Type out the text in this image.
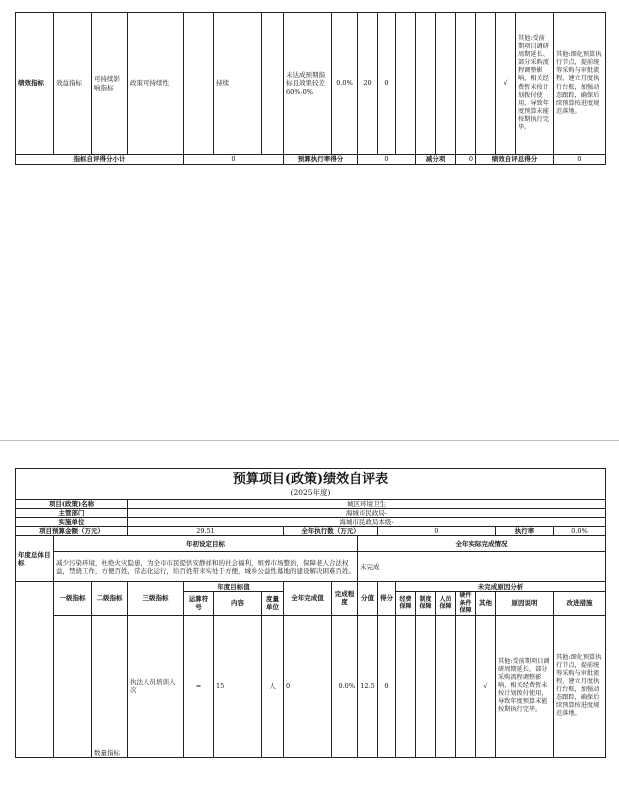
绩效指标	效益指标	可持续影响指标	政策可持续性		持续		未达成预期指标且效果较差60%-0%	0.0%	20	0						√	其他:受前期项目调研周期延长、部分采购流程调整影响，相关经费暂未按计划拨付使用，导致年度预算未能按期执行完毕。	其他:细化预算执行节点，提前统筹采购与审批流程，建立月度执行台账，加强动态跟踪，确保后续预算按进度规范落地。
指标自评得分小计				0			预算执行率得分		0			减分项		0	绩效自评总得分			0
预算项目(政策)绩效自评表																	
(2025年度)																	
项目(政策)名称			城区环境卫生														
主管部门			海城市民政局-														
实施单位			海城市民政局本级-														
项目预算金额（万元）			29.51				全年执行数（万元）			0						执行率	0.0%
年度总体目标	年初设定目标								全年实际完成情况								
	减少污染环境，杜绝火灾隐患，为全市市民提供安静祥和的社会福利，殡葬市场整治，保障老人合法权益，禁烧工作，方便百姓，常态化运行，给百姓带来实处于方便，城乡公益性墓地的建设解决困难百姓。								未完成								
	一级指标	二级指标	三级指标	年度目标值			全年完成值	完成程度	分值	得分	未完成原因分析						
				运算符号	内容	度量单位					经费保障	制度保障	人员保障	硬件条件保障	其他	原因说明	改进措施
		数量指标	执法人员培训人次	=	15	人	0	0.0%	12.5	0					√	其他:受前期项目调研周期延长、部分采购流程调整影响，相关经费暂未按计划拨付使用，导致年度预算未能按期执行完毕。	其他:细化预算执行节点，提前统筹采购与审批流程，建立月度执行台账，加强动态跟踪，确保后续预算按进度规范落地。
